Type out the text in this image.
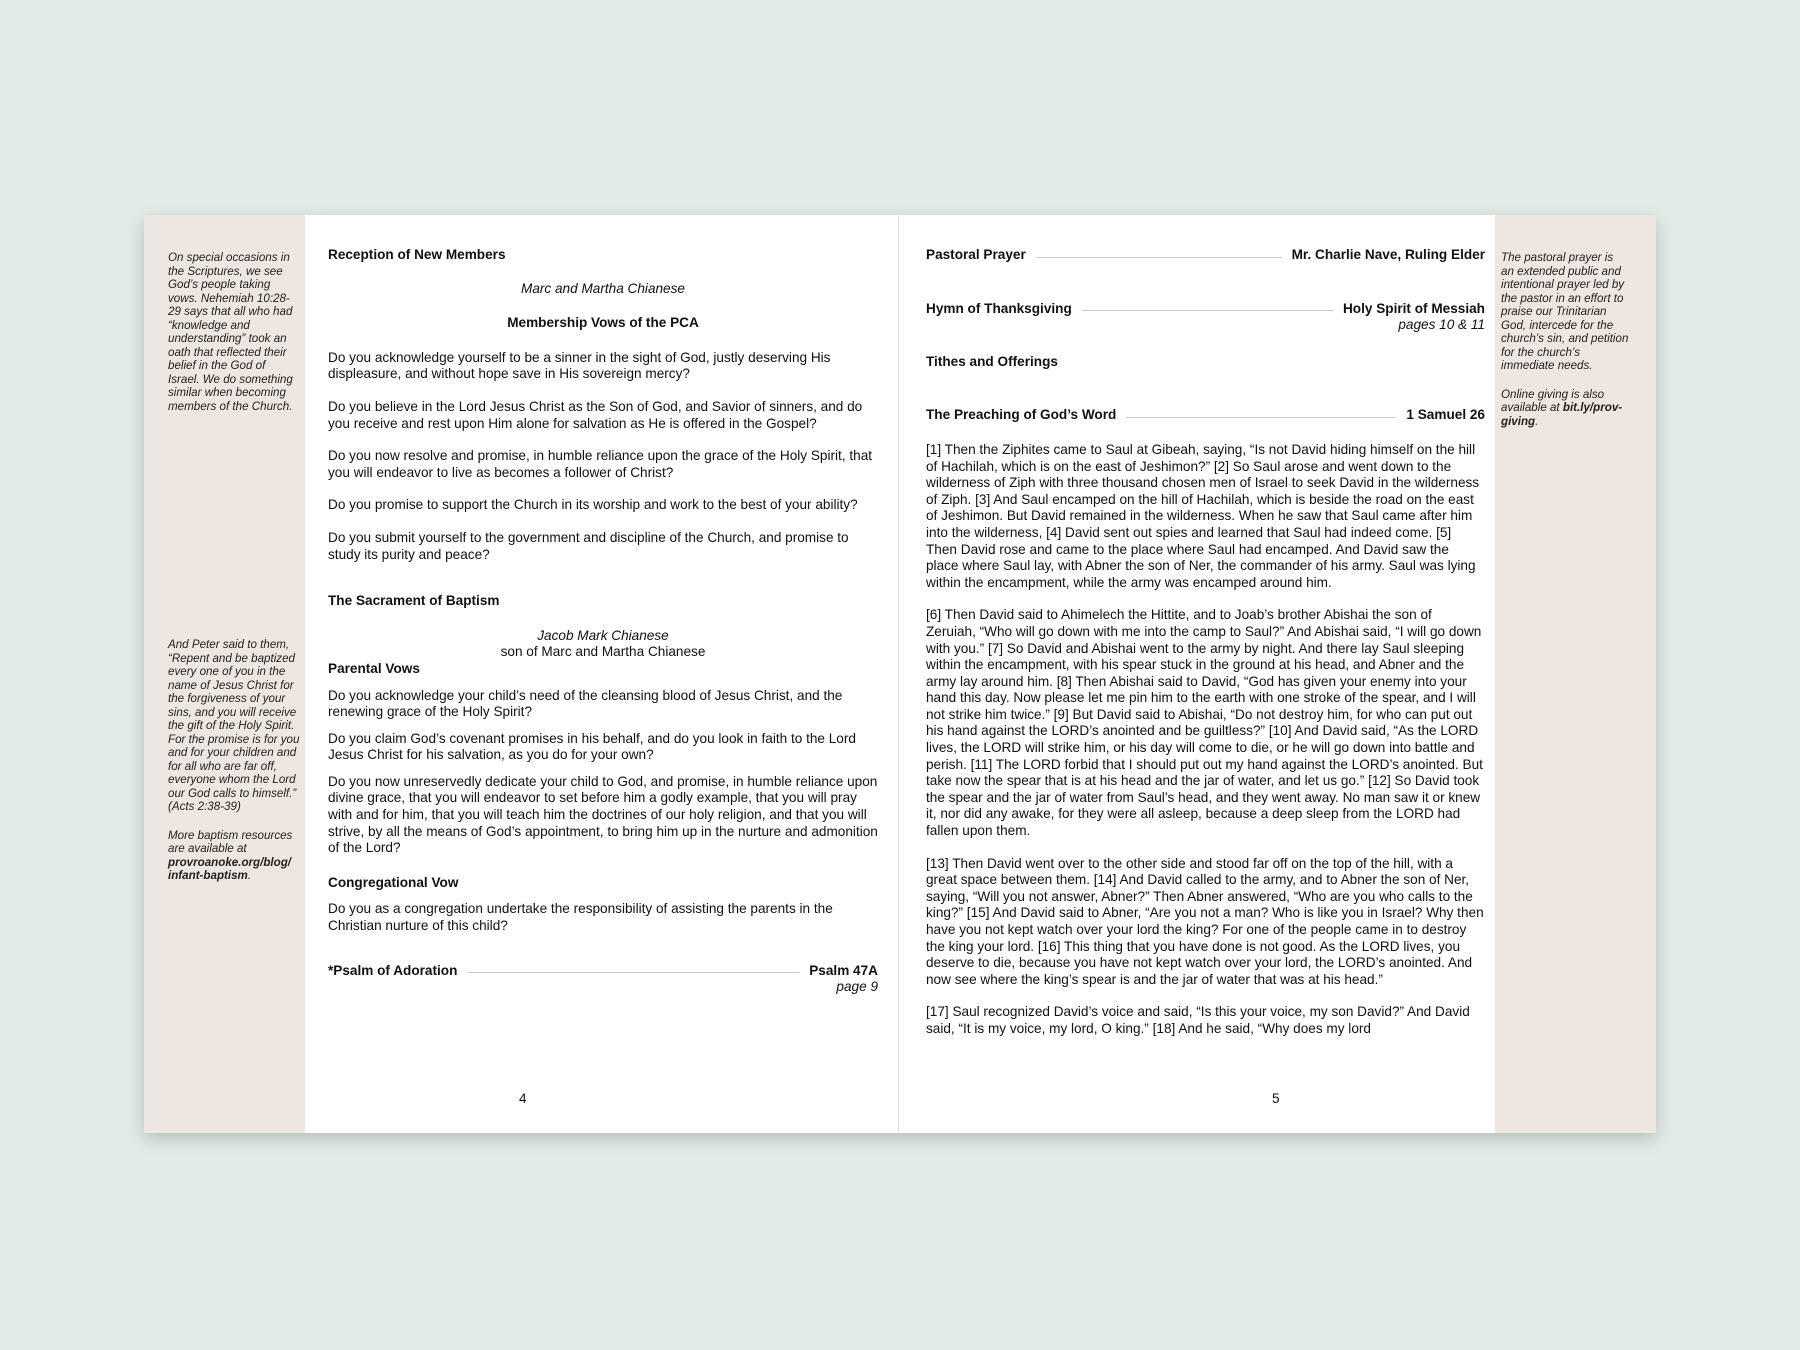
On special occasions in the Scriptures, we see God’s people taking vows. Nehemiah 10:28-29 says that all who had “knowledge and understanding” took an oath that reflected their belief in the God of Israel. We do something similar when becoming members of the Church.

And Peter said to them, “Repent and be baptized every one of you in the name of Jesus Christ for the forgiveness of your sins, and you will receive the gift of the Holy Spirit. For the promise is for you and for your children and for all who are far off, everyone whom the Lord our God calls to himself.” (Acts 2:38-39)

More baptism resources are available at provroanoke.org/blog/ infant-baptism.

Reception of New Members
Marc and Martha Chianese
Membership Vows of the PCA

Do you acknowledge yourself to be a sinner in the sight of God, justly deserving His displeasure, and without hope save in His sovereign mercy?

Do you believe in the Lord Jesus Christ as the Son of God, and Savior of sinners, and do you receive and rest upon Him alone for salvation as He is offered in the Gospel?

Do you now resolve and promise, in humble reliance upon the grace of the Holy Spirit, that you will endeavor to live as becomes a follower of Christ?

Do you promise to support the Church in its worship and work to the best of your ability?

Do you submit yourself to the government and discipline of the Church, and promise to study its purity and peace?

The Sacrament of Baptism
Jacob Mark Chianese
son of Marc and Martha Chianese
Parental Vows

Do you acknowledge your child’s need of the cleansing blood of Jesus Christ, and the renewing grace of the Holy Spirit?

Do you claim God’s covenant promises in his behalf, and do you look in faith to the Lord Jesus Christ for his salvation, as you do for your own?

Do you now unreservedly dedicate your child to God, and promise, in humble reliance upon divine grace, that you will endeavor to set before him a godly example, that you will pray with and for him, that you will teach him the doctrines of our holy religion, and that you will strive, by all the means of God’s appointment, to bring him up in the nurture and admonition of the Lord?

Congregational Vow

Do you as a congregation undertake the responsibility of assisting the parents in the Christian nurture of this child?

*Psalm of Adoration	Psalm 47A
page 9
4
Pastoral Prayer	Mr. Charlie Nave, Ruling Elder
Hymn of Thanksgiving	Holy Spirit of Messiah
pages 10 & 11
Tithes and Offerings
The Preaching of God’s Word	1 Samuel 26

[1] Then the Ziphites came to Saul at Gibeah, saying, “Is not David hiding himself on the hill of Hachilah, which is on the east of Jeshimon?” [2] So Saul arose and went down to the wilderness of Ziph with three thousand chosen men of Israel to seek David in the wilderness of Ziph. [3] And Saul encamped on the hill of Hachilah, which is beside the road on the east of Jeshimon. But David remained in the wilderness. When he saw that Saul came after him into the wilderness, [4] David sent out spies and learned that Saul had indeed come. [5] Then David rose and came to the place where Saul had encamped. And David saw the place where Saul lay, with Abner the son of Ner, the commander of his army. Saul was lying within the encampment, while the army was encamped around him.

[6] Then David said to Ahimelech the Hittite, and to Joab’s brother Abishai the son of Zeruiah, “Who will go down with me into the camp to Saul?” And Abishai said, “I will go down with you.” [7] So David and Abishai went to the army by night. And there lay Saul sleeping within the encampment, with his spear stuck in the ground at his head, and Abner and the army lay around him. [8] Then Abishai said to David, “God has given your enemy into your hand this day. Now please let me pin him to the earth with one stroke of the spear, and I will not strike him twice.” [9] But David said to Abishai, “Do not destroy him, for who can put out his hand against the LORD’s anointed and be guiltless?” [10] And David said, “As the LORD lives, the LORD will strike him, or his day will come to die, or he will go down into battle and perish. [11] The LORD forbid that I should put out my hand against the LORD’s anointed. But take now the spear that is at his head and the jar of water, and let us go.” [12] So David took the spear and the jar of water from Saul’s head, and they went away. No man saw it or knew it, nor did any awake, for they were all asleep, because a deep sleep from the LORD had fallen upon them.

[13] Then David went over to the other side and stood far off on the top of the hill, with a great space between them. [14] And David called to the army, and to Abner the son of Ner, saying, “Will you not answer, Abner?” Then Abner answered, “Who are you who calls to the king?” [15] And David said to Abner, “Are you not a man? Who is like you in Israel? Why then have you not kept watch over your lord the king? For one of the people came in to destroy the king your lord. [16] This thing that you have done is not good. As the LORD lives, you deserve to die, because you have not kept watch over your lord, the LORD’s anointed. And now see where the king’s spear is and the jar of water that was at his head.”

[17] Saul recognized David’s voice and said, “Is this your voice, my son David?” And David said, “It is my voice, my lord, O king.” [18] And he said, “Why does my lord

5

The pastoral prayer is an extended public and intentional prayer led by the pastor in an effort to praise our Trinitarian God, intercede for the church’s sin, and petition for the church’s immediate needs.

Online giving is also available at bit.ly/prov-giving.
